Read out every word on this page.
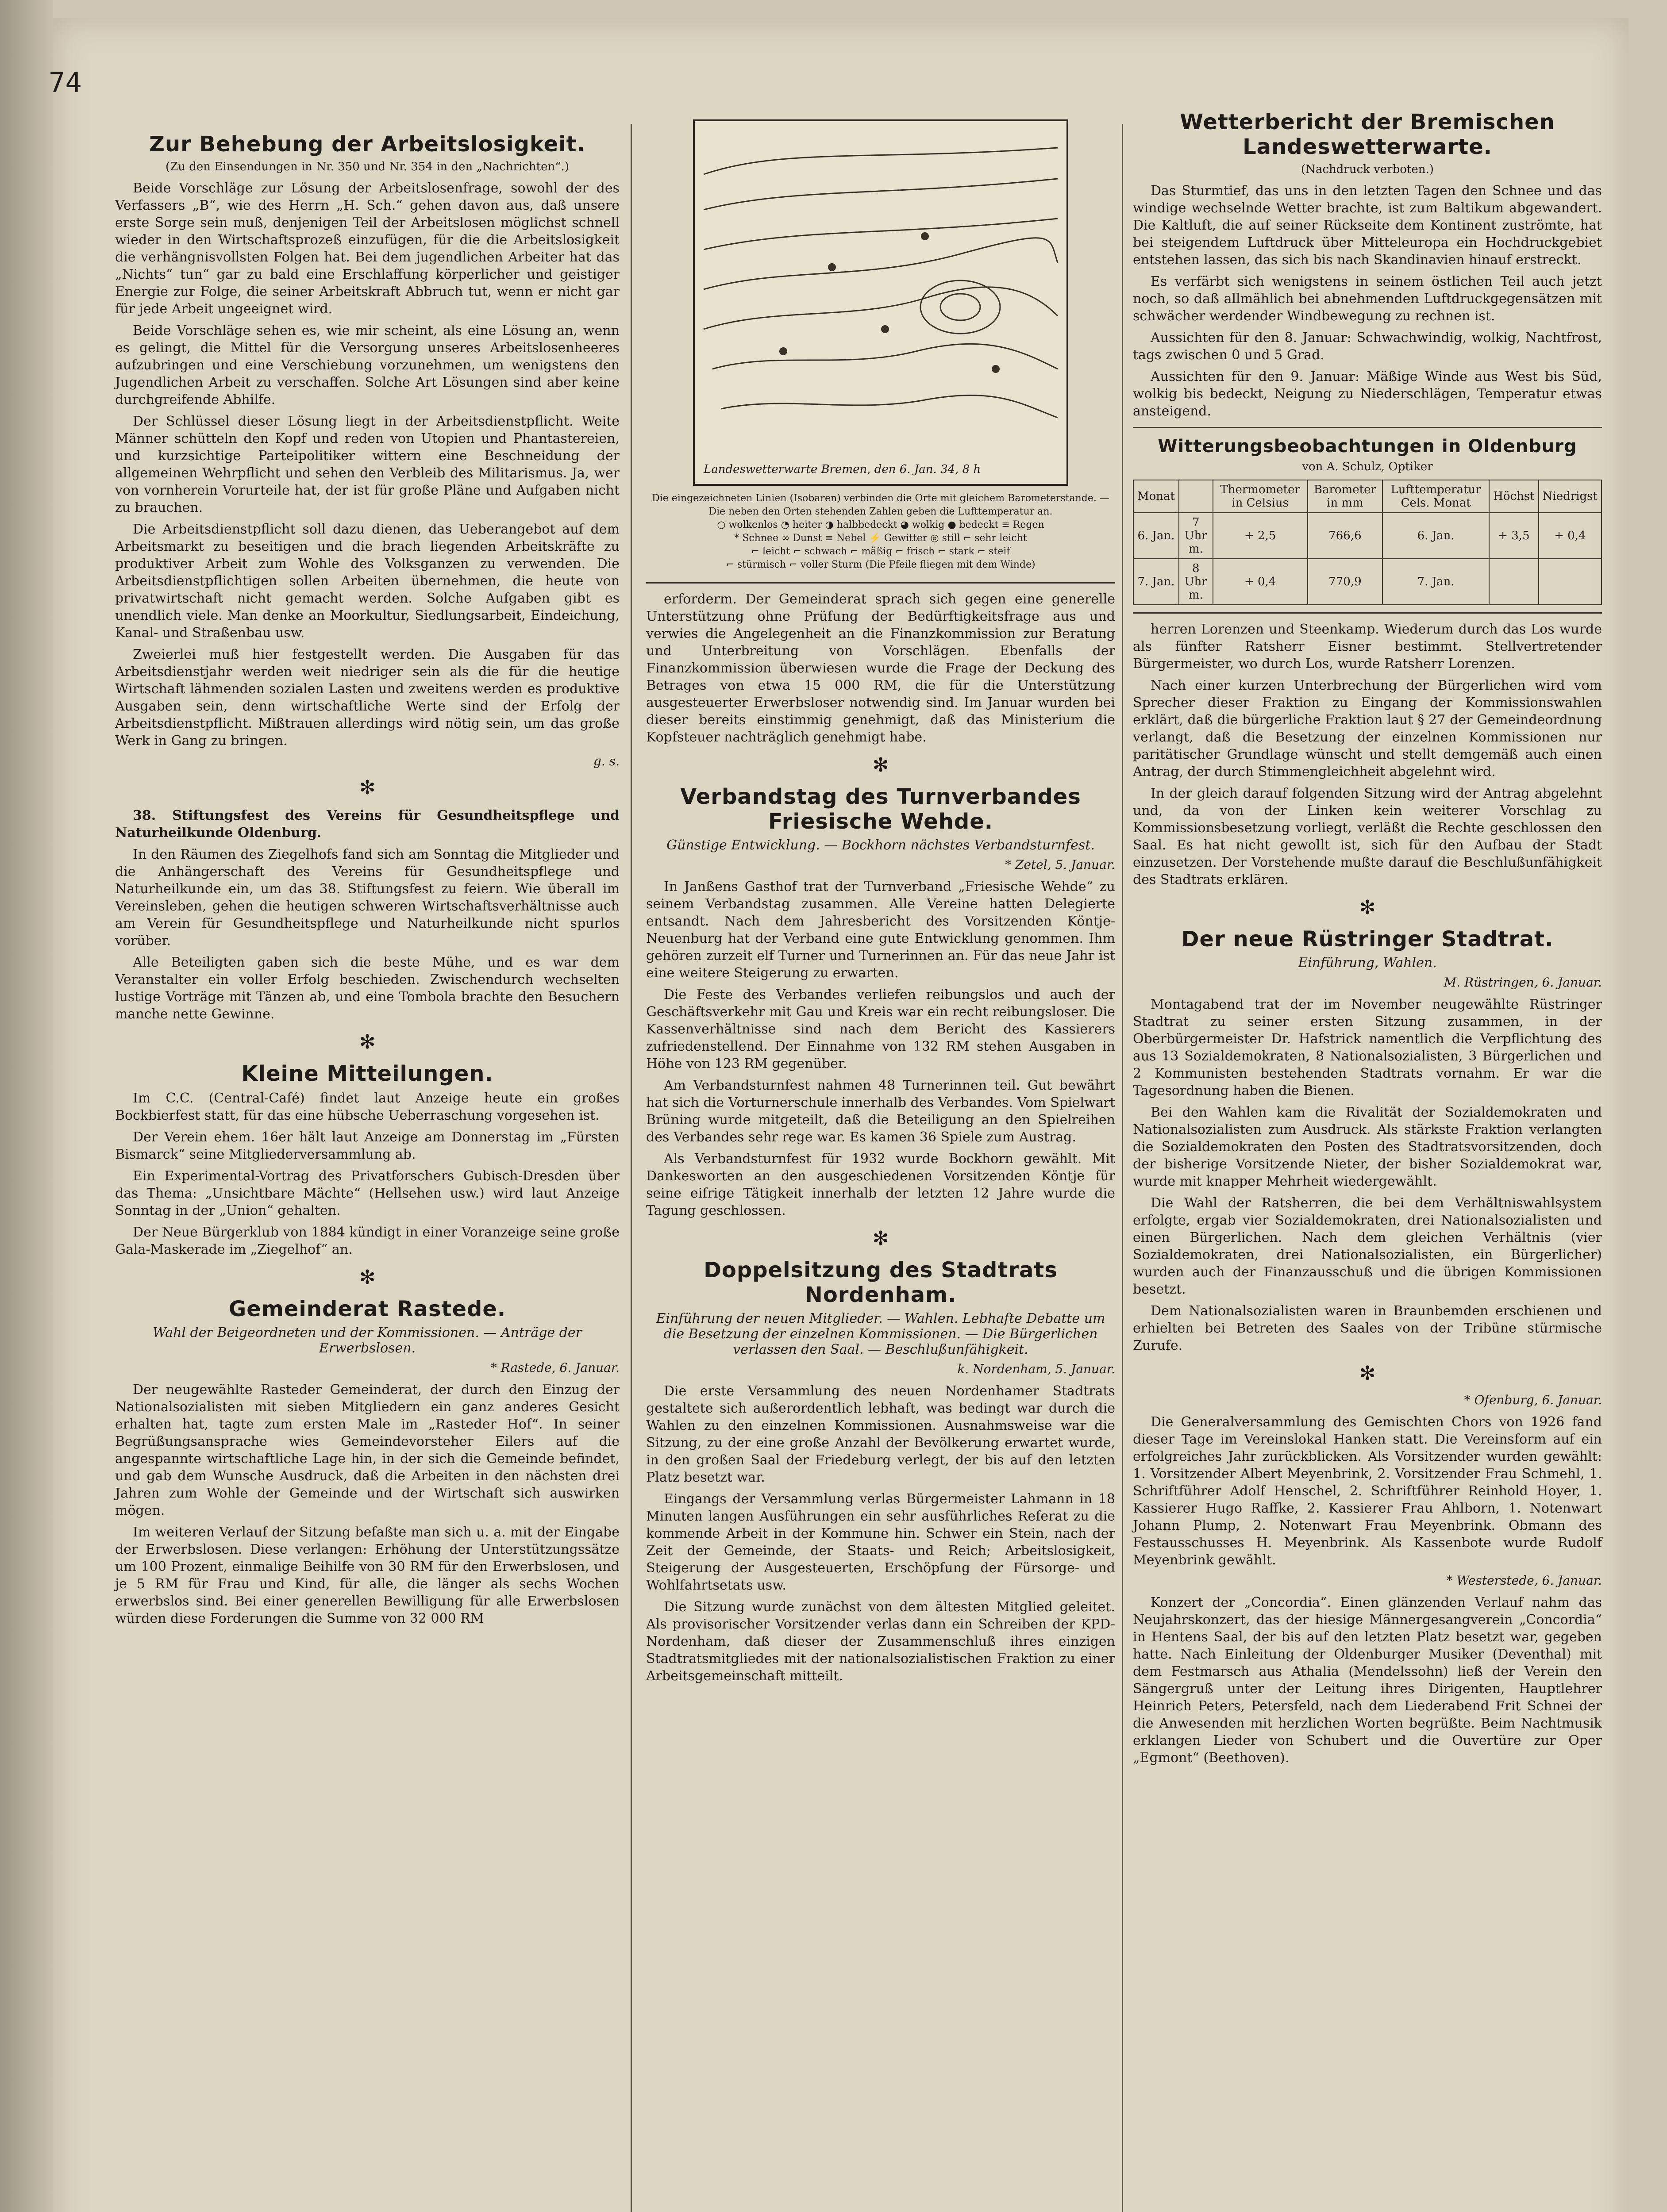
74
Zur Behebung der Arbeitslosigkeit.
(Zu den Einsendungen in Nr. 350 und Nr. 354 in den „Nachrichten“.)

Beide Vorschläge zur Lösung der Arbeitslosenfrage, sowohl der des Verfassers „B“, wie des Herrn „H. Sch.“ gehen davon aus, daß unsere erste Sorge sein muß, denjenigen Teil der Arbeitslosen möglichst schnell wieder in den Wirtschaftsprozeß einzufügen, für die die Arbeitslosigkeit die verhängnisvollsten Folgen hat. Bei dem jugendlichen Arbeiter hat das „Nichts“ tun“ gar zu bald eine Erschlaffung körperlicher und geistiger Energie zur Folge, die seiner Arbeitskraft Abbruch tut, wenn er nicht gar für jede Arbeit ungeeignet wird.

Beide Vorschläge sehen es, wie mir scheint, als eine Lösung an, wenn es gelingt, die Mittel für die Versorgung unseres Arbeitslosenheeres aufzubringen und eine Verschiebung vorzunehmen, um wenigstens den Jugendlichen Arbeit zu verschaffen. Solche Art Lösungen sind aber keine durchgreifende Abhilfe.

Der Schlüssel dieser Lösung liegt in der Arbeitsdienstpflicht. Weite Männer schütteln den Kopf und reden von Utopien und Phantastereien, und kurzsichtige Parteipolitiker wittern eine Beschneidung der allgemeinen Wehrpflicht und sehen den Verbleib des Militarismus. Ja, wer von vornherein Vorurteile hat, der ist für große Pläne und Aufgaben nicht zu brauchen.

Die Arbeitsdienstpflicht soll dazu dienen, das Ueberangebot auf dem Arbeitsmarkt zu beseitigen und die brach liegenden Arbeitskräfte zu produktiver Arbeit zum Wohle des Volksganzen zu verwenden. Die Arbeitsdienstpflichtigen sollen Arbeiten übernehmen, die heute von privatwirtschaft nicht gemacht werden. Solche Aufgaben gibt es unendlich viele. Man denke an Moorkultur, Siedlungsarbeit, Eindeichung, Kanal- und Straßenbau usw.

Zweierlei muß hier festgestellt werden. Die Ausgaben für das Arbeitsdienstjahr werden weit niedriger sein als die für die heutige Wirtschaft lähmenden sozialen Lasten und zweitens werden es produktive Ausgaben sein, denn wirtschaftliche Werte sind der Erfolg der Arbeitsdienstpflicht. Mißtrauen allerdings wird nötig sein, um das große Werk in Gang zu bringen.

g. s.
✻

38. Stiftungsfest des Vereins für Gesundheitspflege und Naturheilkunde Oldenburg.

In den Räumen des Ziegelhofs fand sich am Sonntag die Mitglieder und die Anhängerschaft des Vereins für Gesundheitspflege und Naturheilkunde ein, um das 38. Stiftungsfest zu feiern. Wie überall im Vereinsleben, gehen die heutigen schweren Wirtschaftsverhältnisse auch am Verein für Gesundheitspflege und Naturheilkunde nicht spurlos vorüber.

Alle Beteiligten gaben sich die beste Mühe, und es war dem Veranstalter ein voller Erfolg beschieden. Zwischendurch wechselten lustige Vorträge mit Tänzen ab, und eine Tombola brachte den Besuchern manche nette Gewinne.

✻
Kleine Mitteilungen.

Im C.C. (Central-Café) findet laut Anzeige heute ein großes Bockbierfest statt, für das eine hübsche Ueberraschung vorgesehen ist.

Der Verein ehem. 16er hält laut Anzeige am Donnerstag im „Fürsten Bismarck“ seine Mitgliederversammlung ab.

Ein Experimental-Vortrag des Privatforschers Gubisch-Dresden über das Thema: „Unsichtbare Mächte“ (Hellsehen usw.) wird laut Anzeige Sonntag in der „Union“ gehalten.

Der Neue Bürgerklub von 1884 kündigt in einer Voranzeige seine große Gala-Maskerade im „Ziegelhof“ an.

✻
Gemeinderat Rastede.
Wahl der Beigeordneten und der Kommissionen. — Anträge der Erwerbslosen.
* Rastede, 6. Januar.

Der neugewählte Rasteder Gemeinderat, der durch den Einzug der Nationalsozialisten mit sieben Mitgliedern ein ganz anderes Gesicht erhalten hat, tagte zum ersten Male im „Rasteder Hof“. In seiner Begrüßungsansprache wies Gemeindevorsteher Eilers auf die angespannte wirtschaftliche Lage hin, in der sich die Gemeinde befindet, und gab dem Wunsche Ausdruck, daß die Arbeiten in den nächsten drei Jahren zum Wohle der Gemeinde und der Wirtschaft sich auswirken mögen.

Im weiteren Verlauf der Sitzung befaßte man sich u. a. mit der Eingabe der Erwerbslosen. Diese verlangen: Erhöhung der Unterstützungssätze um 100 Prozent, einmalige Beihilfe von 30 RM für den Erwerbslosen, und je 5 RM für Frau und Kind, für alle, die länger als sechs Wochen erwerbslos sind. Bei einer generellen Bewilligung für alle Erwerbslosen würden diese Forderungen die Summe von 32 000 RM

Landeswetterwarte Bremen, den 6. Jan. 34, 8 h
Die eingezeichneten Linien (Isobaren) verbinden die Orte mit gleichem Barometerstande. — Die neben den Orten stehenden Zahlen geben die Lufttemperatur an.
○ wolkenlos ◔ heiter ◑ halbbedeckt ◕ wolkig ● bedeckt ≡ Regen
* Schnee ∞ Dunst ≡ Nebel ⚡ Gewitter ◎ still ⌐ sehr leicht
⌐ leicht ⌐ schwach ⌐ mäßig ⌐ frisch ⌐ stark ⌐ steif
⌐ stürmisch ⌐ voller Sturm (Die Pfeile fliegen mit dem Winde)

erforderm. Der Gemeinderat sprach sich gegen eine generelle Unterstützung ohne Prüfung der Bedürftigkeitsfrage aus und verwies die Angelegenheit an die Finanzkommission zur Beratung und Unterbreitung von Vorschlägen. Ebenfalls der Finanzkommission überwiesen wurde die Frage der Deckung des Betrages von etwa 15 000 RM, die für die Unterstützung ausgesteuerter Erwerbsloser notwendig sind. Im Januar wurden bei dieser bereits einstimmig genehmigt, daß das Ministerium die Kopfsteuer nachträglich genehmigt habe.

✻
Verbandstag des Turnverbandes Friesische Wehde.
Günstige Entwicklung. — Bockhorn nächstes Verbandsturnfest.
* Zetel, 5. Januar.

In Janßens Gasthof trat der Turnverband „Friesische Wehde“ zu seinem Verbandstag zusammen. Alle Vereine hatten Delegierte entsandt. Nach dem Jahresbericht des Vorsitzenden Köntje-Neuenburg hat der Verband eine gute Entwicklung genommen. Ihm gehören zurzeit elf Turner und Turnerinnen an. Für das neue Jahr ist eine weitere Steigerung zu erwarten.

Die Feste des Verbandes verliefen reibungslos und auch der Geschäftsverkehr mit Gau und Kreis war ein recht reibungsloser. Die Kassenverhältnisse sind nach dem Bericht des Kassierers zufriedenstellend. Der Einnahme von 132 RM stehen Ausgaben in Höhe von 123 RM gegenüber.

Am Verbandsturnfest nahmen 48 Turnerinnen teil. Gut bewährt hat sich die Vorturnerschule innerhalb des Verbandes. Vom Spielwart Brüning wurde mitgeteilt, daß die Beteiligung an den Spielreihen des Verbandes sehr rege war. Es kamen 36 Spiele zum Austrag.

Als Verbandsturnfest für 1932 wurde Bockhorn gewählt. Mit Dankesworten an den ausgeschiedenen Vorsitzenden Köntje für seine eifrige Tätigkeit innerhalb der letzten 12 Jahre wurde die Tagung geschlossen.

✻
Doppelsitzung des Stadtrats Nordenham.
Einführung der neuen Mitglieder. — Wahlen. Lebhafte Debatte um die Besetzung der einzelnen Kommissionen. — Die Bürgerlichen verlassen den Saal. — Beschlußunfähigkeit.
k. Nordenham, 5. Januar.

Die erste Versammlung des neuen Nordenhamer Stadtrats gestaltete sich außerordentlich lebhaft, was bedingt war durch die Wahlen zu den einzelnen Kommissionen. Ausnahmsweise war die Sitzung, zu der eine große Anzahl der Bevölkerung erwartet wurde, in den großen Saal der Friedeburg verlegt, der bis auf den letzten Platz besetzt war.

Eingangs der Versammlung verlas Bürgermeister Lahmann in 18 Minuten langen Ausführungen ein sehr ausführliches Referat zu die kommende Arbeit in der Kommune hin. Schwer ein Stein, nach der Zeit der Gemeinde, der Staats- und Reich; Arbeitslosigkeit, Steigerung der Ausgesteuerten, Erschöpfung der Fürsorge- und Wohlfahrtsetats usw.

Die Sitzung wurde zunächst von dem ältesten Mitglied geleitet. Als provisorischer Vorsitzender verlas dann ein Schreiben der KPD-Nordenham, daß dieser der Zusammenschluß ihres einzigen Stadtratsmitgliedes mit der nationalsozialistischen Fraktion zu einer Arbeitsgemeinschaft mitteilt.

Wetterbericht der Bremischen Landeswetterwarte.
(Nachdruck verboten.)

Das Sturmtief, das uns in den letzten Tagen den Schnee und das windige wechselnde Wetter brachte, ist zum Baltikum abgewandert. Die Kaltluft, die auf seiner Rückseite dem Kontinent zuströmte, hat bei steigendem Luftdruck über Mitteleuropa ein Hochdruckgebiet entstehen lassen, das sich bis nach Skandinavien hinauf erstreckt.

Es verfärbt sich wenigstens in seinem östlichen Teil auch jetzt noch, so daß allmählich bei abnehmenden Luftdruckgegensätzen mit schwächer werdender Windbewegung zu rechnen ist.

Aussichten für den 8. Januar: Schwachwindig, wolkig, Nachtfrost, tags zwischen 0 und 5 Grad.

Aussichten für den 9. Januar: Mäßige Winde aus West bis Süd, wolkig bis bedeckt, Neigung zu Niederschlägen, Temperatur etwas ansteigend.

Witterungsbeobachtungen in Oldenburg
von A. Schulz, Optiker
Monat		Thermometer in Celsius	Barometer in mm	Lufttemperatur Cels. Monat	Höchst	Niedrigst
6. Jan.	7 Uhr m.	+ 2,5	766,6	6. Jan.	+ 3,5	+ 0,4
7. Jan.	8 Uhr m.	+ 0,4	770,9	7. Jan.		

herren Lorenzen und Steenkamp. Wiederum durch das Los wurde als fünfter Ratsherr Eisner bestimmt. Stellvertretender Bürgermeister, wo durch Los, wurde Ratsherr Lorenzen.

Nach einer kurzen Unterbrechung der Bürgerlichen wird vom Sprecher dieser Fraktion zu Eingang der Kommissionswahlen erklärt, daß die bürgerliche Fraktion laut § 27 der Gemeindeordnung verlangt, daß die Besetzung der einzelnen Kommissionen nur paritätischer Grundlage wünscht und stellt demgemäß auch einen Antrag, der durch Stimmengleichheit abgelehnt wird.

In der gleich darauf folgenden Sitzung wird der Antrag abgelehnt und, da von der Linken kein weiterer Vorschlag zu Kommissionsbesetzung vorliegt, verläßt die Rechte geschlossen den Saal. Es hat nicht gewollt ist, sich für den Aufbau der Stadt einzusetzen. Der Vorstehende mußte darauf die Beschlußunfähigkeit des Stadtrats erklären.

✻
Der neue Rüstringer Stadtrat.
Einführung, Wahlen.
M. Rüstringen, 6. Januar.

Montagabend trat der im November neugewählte Rüstringer Stadtrat zu seiner ersten Sitzung zusammen, in der Oberbürgermeister Dr. Hafstrick namentlich die Verpflichtung des aus 13 Sozialdemokraten, 8 Nationalsozialisten, 3 Bürgerlichen und 2 Kommunisten bestehenden Stadtrats vornahm. Er war die Tagesordnung haben die Bienen.

Bei den Wahlen kam die Rivalität der Sozialdemokraten und Nationalsozialisten zum Ausdruck. Als stärkste Fraktion verlangten die Sozialdemokraten den Posten des Stadtratsvorsitzenden, doch der bisherige Vorsitzende Nieter, der bisher Sozialdemokrat war, wurde mit knapper Mehrheit wiedergewählt.

Die Wahl der Ratsherren, die bei dem Verhältniswahlsystem erfolgte, ergab vier Sozialdemokraten, drei Nationalsozialisten und einen Bürgerlichen. Nach dem gleichen Verhältnis (vier Sozialdemokraten, drei Nationalsozialisten, ein Bürgerlicher) wurden auch der Finanzausschuß und die übrigen Kommissionen besetzt.

Dem Nationalsozialisten waren in Braunbemden erschienen und erhielten bei Betreten des Saales von der Tribüne stürmische Zurufe.

✻
* Ofenburg, 6. Januar.

Die Generalversammlung des Gemischten Chors von 1926 fand dieser Tage im Vereinslokal Hanken statt. Die Vereinsform auf ein erfolgreiches Jahr zurückblicken. Als Vorsitzender wurden gewählt: 1. Vorsitzender Albert Meyenbrink, 2. Vorsitzender Frau Schmehl, 1. Schriftführer Adolf Henschel, 2. Schriftführer Reinhold Hoyer, 1. Kassierer Hugo Raffke, 2. Kassierer Frau Ahlborn, 1. Notenwart Johann Plump, 2. Notenwart Frau Meyenbrink. Obmann des Festausschusses H. Meyenbrink. Als Kassenbote wurde Rudolf Meyenbrink gewählt.

* Westerstede, 6. Januar.

Konzert der „Concordia“. Einen glänzenden Verlauf nahm das Neujahrskonzert, das der hiesige Männergesangverein „Concordia“ in Hentens Saal, der bis auf den letzten Platz besetzt war, gegeben hatte. Nach Einleitung der Oldenburger Musiker (Deventhal) mit dem Festmarsch aus Athalia (Mendelssohn) ließ der Verein den Sängergruß unter der Leitung ihres Dirigenten, Hauptlehrer Heinrich Peters, Petersfeld, nach dem Liederabend Frit Schnei der die Anwesenden mit herzlichen Worten begrüßte. Beim Nachtmusik erklangen Lieder von Schubert und die Ouvertüre zur Oper „Egmont“ (Beethoven).
